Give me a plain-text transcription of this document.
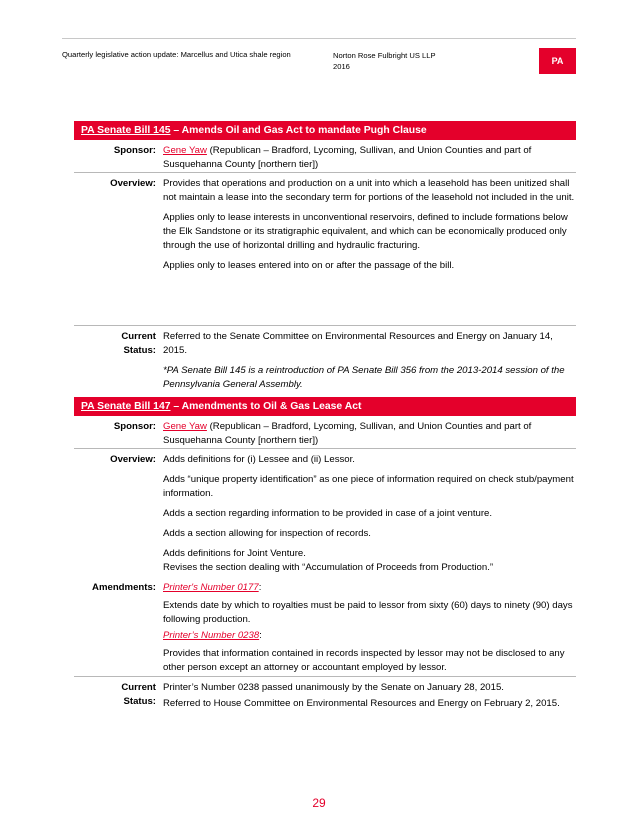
Quarterly legislative action update: Marcellus and Utica shale region	Norton Rose Fulbright US LLP
2016
PA
PA Senate Bill 145 – Amends Oil and Gas Act to mandate Pugh Clause
Sponsor: Gene Yaw (Republican – Bradford, Lycoming, Sullivan, and Union Counties and part of Susquehanna County [northern tier])
Overview: Provides that operations and production on a unit into which a leasehold has been unitized shall not maintain a lease into the secondary term for portions of the leasehold not included in the unit.

Applies only to lease interests in unconventional reservoirs, defined to include formations below the Elk Sandstone or its stratigraphic equivalent, and which can be economically produced only through the use of horizontal drilling and hydraulic fracturing.

Applies only to leases entered into on or after the passage of the bill.

Current
Status:

Referred to the Senate Committee on Environmental Resources and Energy on January 14, 2015.

*PA Senate Bill 145 is a reintroduction of PA Senate Bill 356 from the 2013-2014 session of the Pennsylvania General Assembly.

PA Senate Bill 147 – Amendments to Oil & Gas Lease Act
Sponsor: Gene Yaw (Republican – Bradford, Lycoming, Sullivan, and Union Counties and part of Susquehanna County [northern tier])
Overview:
Amendments:

Adds definitions for (i) Lessee and (ii) Lessor.

Adds “unique property identification” as one piece of information required on check stub/payment information.

Adds a section regarding information to be provided in case of a joint venture.

Adds a section allowing for inspection of records.

Adds definitions for Joint Venture.

Revises the section dealing with “Accumulation of Proceeds from Production.”

Printer's Number 0177:

Extends date by which to royalties must be paid to lessor from sixty (60) days to ninety (90) days following production.

Printer’s Number 0238:

Provides that information contained in records inspected by lessor may not be disclosed to any other person except an attorney or accountant employed by lessor.

Current
Status:

Printer’s Number 0238 passed unanimously by the Senate on January 28, 2015.

Referred to House Committee on Environmental Resources and Energy on February 2, 2015.

29
